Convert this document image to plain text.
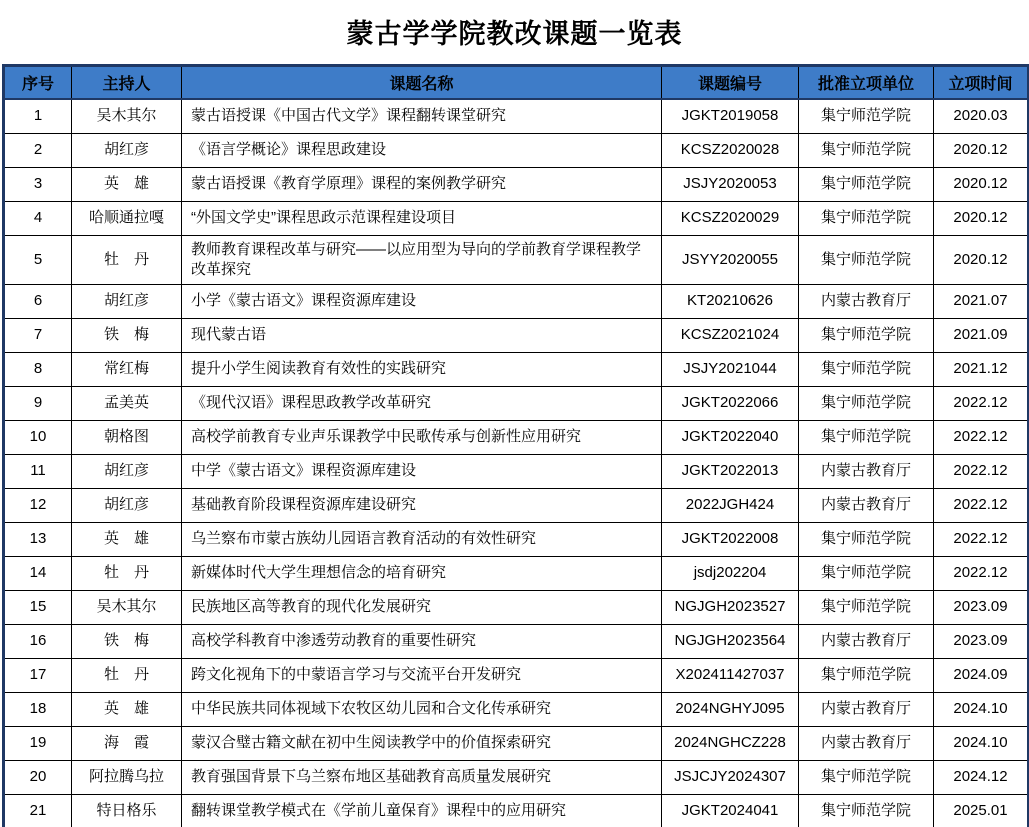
蒙古学学院教改课题一览表
序号	主持人	课题名称	课题编号	批准立项单位	立项时间
1	吴木其尔	蒙古语授课《中国古代文学》课程翻转课堂研究	JGKT2019058	集宁师范学院	2020.03
2	胡红彦	《语言学概论》课程思政建设	KCSZ2020028	集宁师范学院	2020.12
3	英　雄	蒙古语授课《教育学原理》课程的案例教学研究	JSJY2020053	集宁师范学院	2020.12
4	哈顺通拉嘎	“外国文学史”课程思政示范课程建设项目	KCSZ2020029	集宁师范学院	2020.12
5	牡　丹	教师教育课程改革与研究——以应用型为导向的学前教育学课程教学改革探究	JSYY2020055	集宁师范学院	2020.12
6	胡红彦	小学《蒙古语文》课程资源库建设	KT20210626	内蒙古教育厅	2021.07
7	铁　梅	现代蒙古语	KCSZ2021024	集宁师范学院	2021.09
8	常红梅	提升小学生阅读教育有效性的实践研究	JSJY2021044	集宁师范学院	2021.12
9	孟美英	《现代汉语》课程思政教学改革研究	JGKT2022066	集宁师范学院	2022.12
10	朝格图	高校学前教育专业声乐课教学中民歌传承与创新性应用研究	JGKT2022040	集宁师范学院	2022.12
11	胡红彦	中学《蒙古语文》课程资源库建设	JGKT2022013	内蒙古教育厅	2022.12
12	胡红彦	基础教育阶段课程资源库建设研究	2022JGH424	内蒙古教育厅	2022.12
13	英　雄	乌兰察布市蒙古族幼儿园语言教育活动的有效性研究	JGKT2022008	集宁师范学院	2022.12
14	牡　丹	新媒体时代大学生理想信念的培育研究	jsdj202204	集宁师范学院	2022.12
15	吴木其尔	民族地区高等教育的现代化发展研究	NGJGH2023527	集宁师范学院	2023.09
16	铁　梅	高校学科教育中渗透劳动教育的重要性研究	NGJGH2023564	内蒙古教育厅	2023.09
17	牡　丹	跨文化视角下的中蒙语言学习与交流平台开发研究	X202411427037	集宁师范学院	2024.09
18	英　雄	中华民族共同体视域下农牧区幼儿园和合文化传承研究	2024NGHYJ095	内蒙古教育厅	2024.10
19	海　霞	蒙汉合璧古籍文献在初中生阅读教学中的价值探索研究	2024NGHCZ228	内蒙古教育厅	2024.10
20	阿拉腾乌拉	教育强国背景下乌兰察布地区基础教育高质量发展研究	JSJCJY2024307	集宁师范学院	2024.12
21	特日格乐	翻转课堂教学模式在《学前儿童保育》课程中的应用研究	JGKT2024041	集宁师范学院	2025.01
